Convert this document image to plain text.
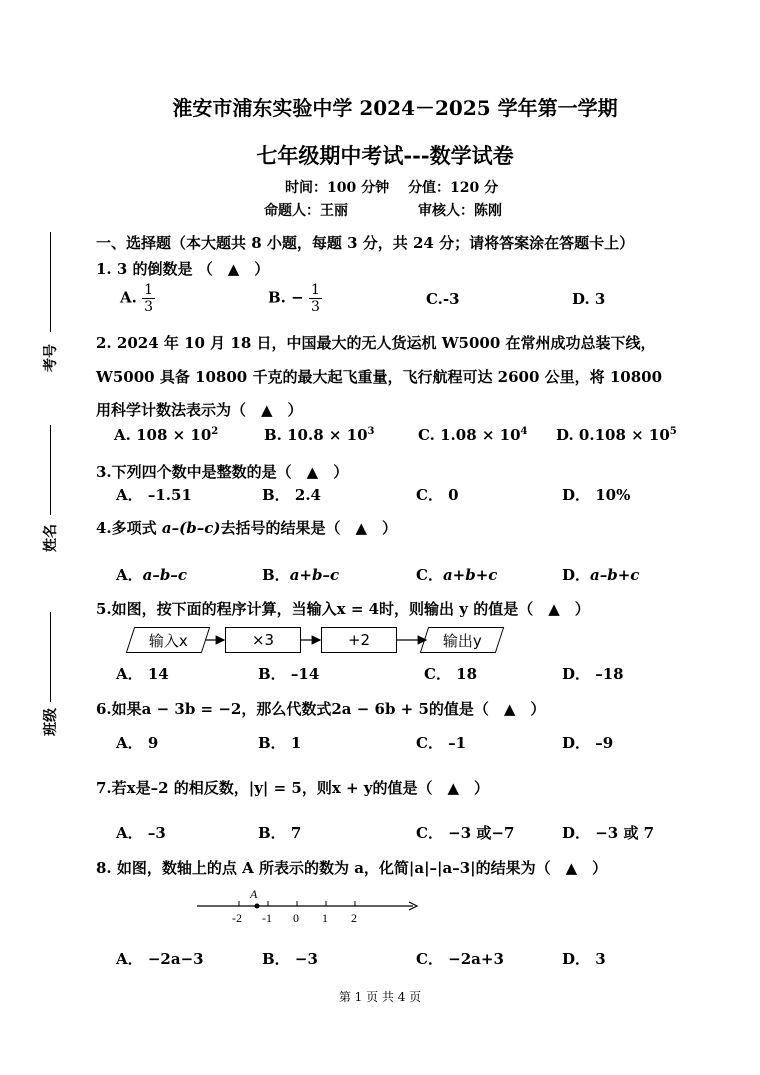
考号
姓名
班级
淮安市浦东实验中学 2024－2025 学年第一学期
七年级期中考试---数学试卷
时间：100 分钟　 分值：120 分
命题人：王丽	审核人：陈刚
一、选择题（本大题共 8 小题，每题 3 分，共 24 分；请将答案涂在答题卡上）
1. 3 的倒数是 （　▲　）
A. $\frac{1}{3}$	B. − $\frac{1}{3}$	C.-3	D. 3
2. 2024 年 10 月 18 日，中国最大的无人货运机 W5000 在常州成功总装下线，
W5000 具备 10800 千克的最大起飞重量，飞行航程可达 2600 公里，将 10800
用科学计数法表示为（　▲　）
A. $108 \times 10^2$	B. $10.8 \times 10^3$	C. $1.08 \times 10^4$ D. $0.108 \times 10^5$
3.下列四个数中是整数的是（　▲　）
A． –1.51	B． 2.4	C． 0	D． 10%
4.多项式 a–(b–c)去括号的结果是（　▲　）
A．a–b–c	B．a+b–c	C．a+b+c	D．a–b+c
5.如图，按下面的程序计算，当输入x = 4时，则输出 y 的值是（　▲　）
输入x	×3	+2	输出y
A． 14	B． –14	C． 18	D． –18
6.如果a − 3b = −2，那么代数式2a − 6b + 5的值是（　▲　）
A． 9	B． 1	C． –1	D． –9
7.若x是–2 的相反数，|y| = 5，则x + y的值是（　▲　）
A． –3	B． 7	C． −3 或−7	D． −3 或 7
8. 如图，数轴上的点 A 所表示的数为 a，化简|a|–|a–3|的结果为（　▲　）
A
-2 -1 0 1 2
A． −2a−3	B． −3	C． −2a+3	D． 3
第 1 页 共 4 页
